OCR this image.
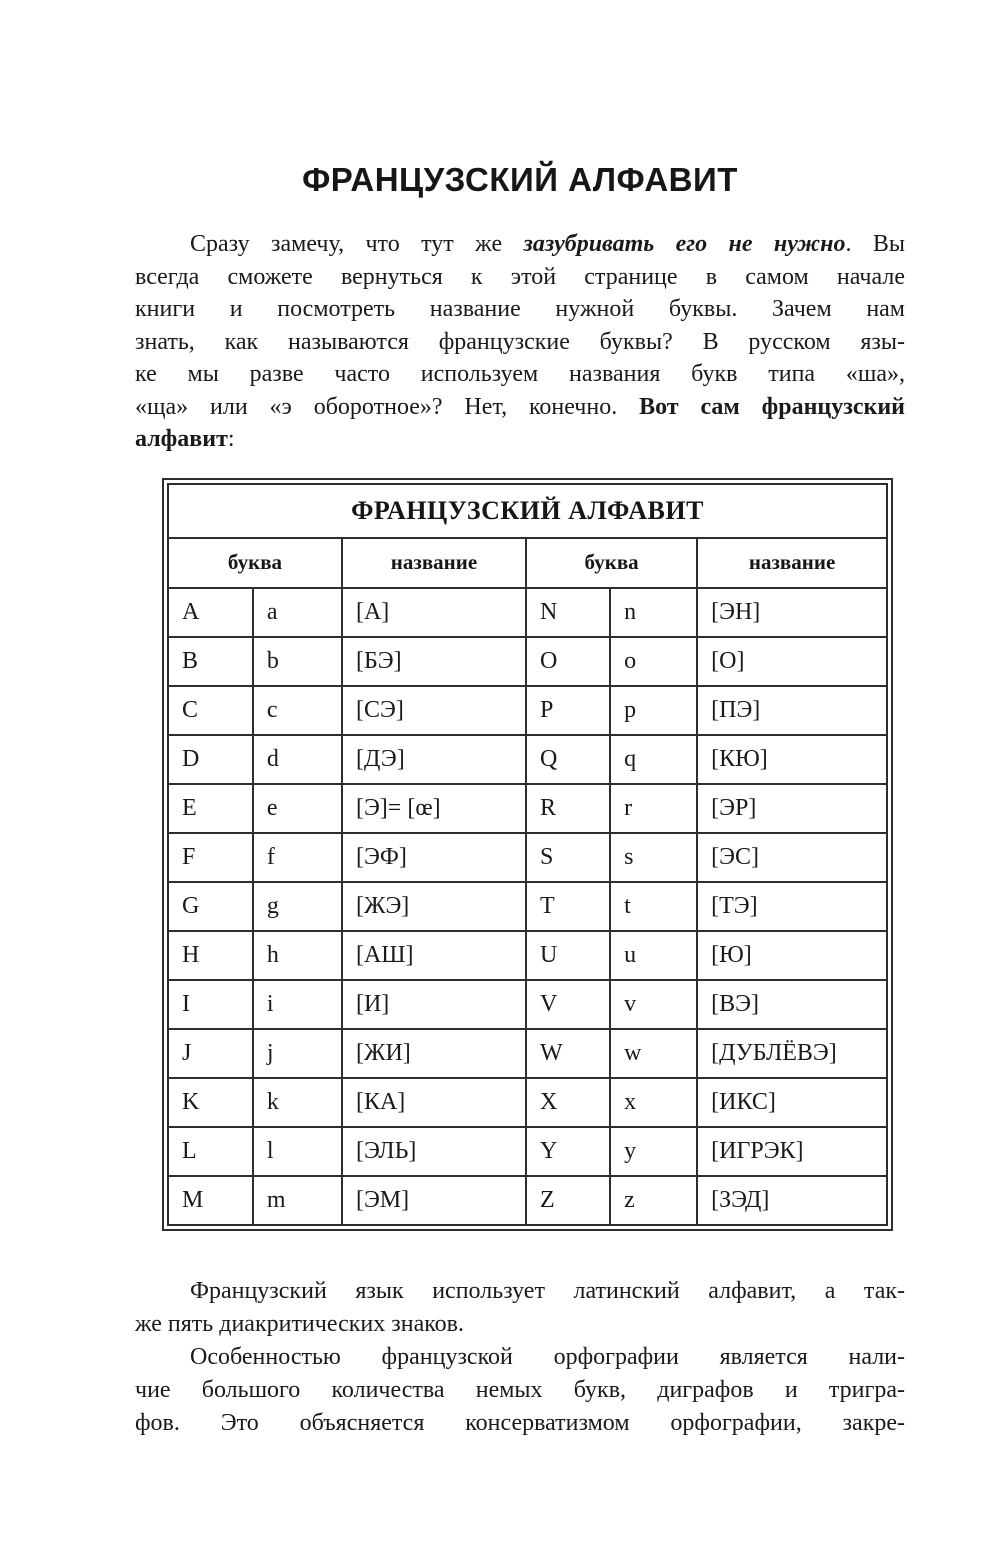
ФРАНЦУЗСКИЙ АЛФАВИТ
Сразу замечу, что тут же зазубривать его не нужно. Вы
всегда сможете вернуться к этой странице в самом начале
книги и посмотреть название нужной буквы. Зачем нам
знать, как называются французские буквы? В русском язы-
ке мы разве часто используем названия букв типа «ша»,
«ща» или «э оборотное»? Нет, конечно. Вот сам французский
алфавит:
ФРАНЦУЗСКИЙ АЛФАВИТ					
буква		название	буква		название
A	a	[А]	N	n	[ЭН]
B	b	[БЭ]	O	o	[О]
C	c	[СЭ]	P	p	[ПЭ]
D	d	[ДЭ]	Q	q	[КЮ]
E	e	[Э]= [œ]	R	r	[ЭР]
F	f	[ЭФ]	S	s	[ЭС]
G	g	[ЖЭ]	T	t	[ТЭ]
H	h	[АШ]	U	u	[Ю]
I	i	[И]	V	v	[ВЭ]
J	j	[ЖИ]	W	w	[ДУБЛЁВЭ]
K	k	[КА]	X	x	[ИКС]
L	l	[ЭЛЬ]	Y	y	[ИГРЭК]
M	m	[ЭМ]	Z	z	[ЗЭД]
Французский язык использует латинский алфавит, а так-
же пять диакритических знаков.
Особенностью французской орфографии является нали-
чие большого количества немых букв, диграфов и тригра-
фов. Это объясняется консерватизмом орфографии, закре-
